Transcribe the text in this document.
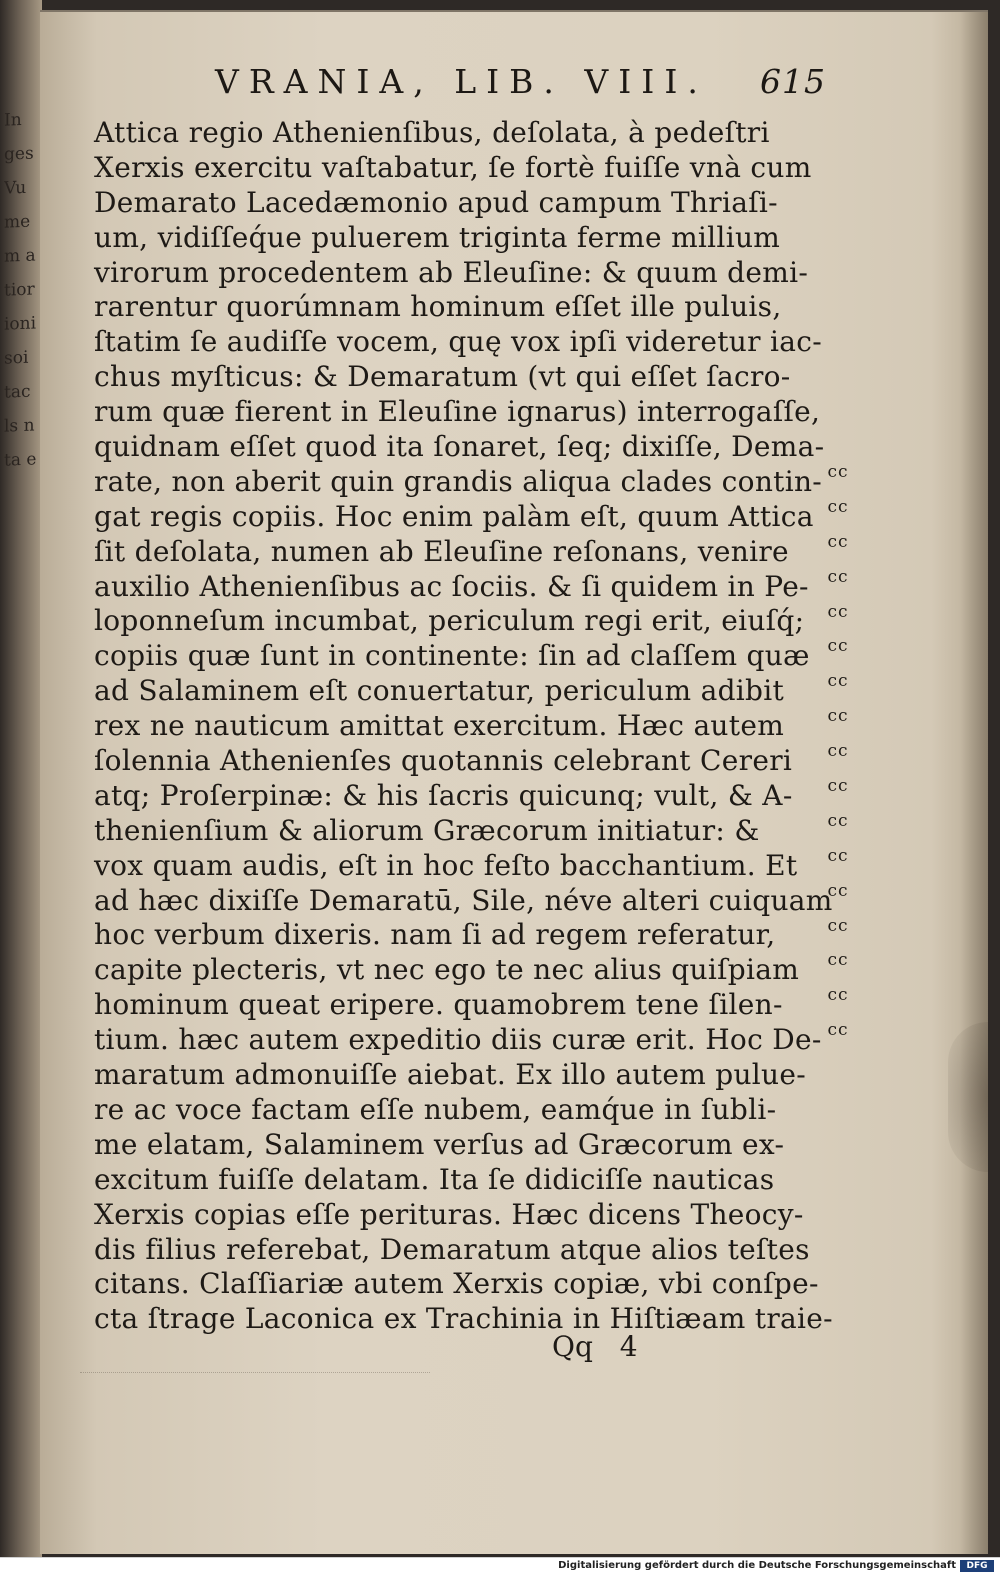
In
ges
Vu
me
m a
tior
ioni
soi
tac
ls n
ta e
VRANIA, LIB. VIII. 615
Attica regio Athenienſibus, deſolata, à pedeſtri
Xerxis exercitu vaſtabatur, ſe fortè fuiſſe vnà cum
Demarato Lacedæmonio apud campum Thriaſi-
um, vidiſſeq́ue puluerem triginta ferme millium
virorum procedentem ab Eleuſine: & quum demi-
rarentur quorúmnam hominum eſſet ille puluis,
ſtatim ſe audiſſe vocem, quę vox ipſi videretur iac-
chus myſticus: & Demaratum (vt qui eſſet ſacro-
rum quæ fierent in Eleuſine ignarus) interrogaſſe,
quidnam eſſet quod ita ſonaret, ſeq; dixiſſe, Dema-
rate, non aberit quin grandis aliqua clades contin-
gat regis copiis. Hoc enim palàm eſt, quum Attica
ſit deſolata, numen ab Eleuſine reſonans, venire
auxilio Athenienſibus ac ſociis. & ſi quidem in Pe-
loponneſum incumbat, periculum regi erit, eiuſq́;
copiis quæ ſunt in continente: ſin ad claſſem quæ
ad Salaminem eſt conuertatur, periculum adibit
rex ne nauticum amittat exercitum. Hæc autem
ſolennia Athenienſes quotannis celebrant Cereri
atq; Proſerpinæ: & his ſacris quicunq; vult, & A-
thenienſium & aliorum Græcorum initiatur: &
vox quam audis, eſt in hoc feſto bacchantium. Et
ad hæc dixiſſe Demaratū, Sile, néve alteri cuiquam
hoc verbum dixeris. nam ſi ad regem referatur,
capite plecteris, vt nec ego te nec alius quiſpiam
hominum queat eripere. quamobrem tene ſilen-
tium. hæc autem expeditio diis curæ erit. Hoc De-
maratum admonuiſſe aiebat. Ex illo autem pulue-
re ac voce factam eſſe nubem, eamq́ue in ſubli-
me elatam, Salaminem verſus ad Græcorum ex-
excitum fuiſſe delatam. Ita ſe didiciſſe nauticas
Xerxis copias eſſe perituras. Hæc dicens Theocy-
dis filius referebat, Demaratum atque alios teſtes
citans. Claſſiariæ autem Xerxis copiæ, vbi conſpe-
cta ſtrage Laconica ex Trachinia in Hiſtiæam traie-
cc
cc
cc
cc
cc
cc
cc
cc
cc
cc
cc
cc
cc
cc
cc
cc
cc
Qq 4
Digitalisierung gefördert durch die Deutsche Forschungsgemeinschaft	DFG
